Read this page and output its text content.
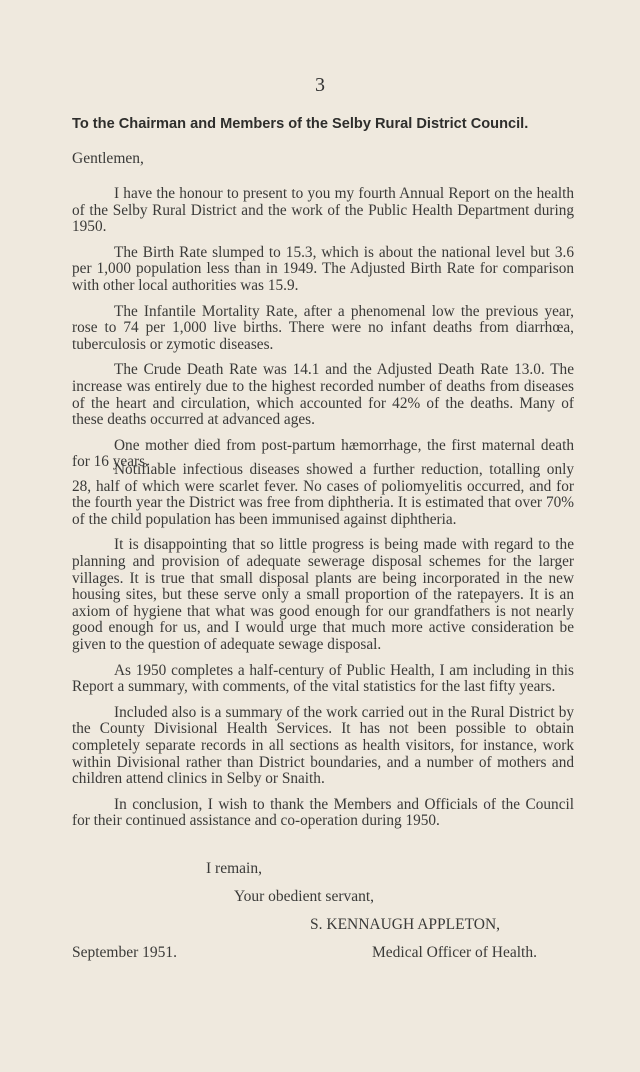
3
To the Chairman and Members of the Selby Rural District Council.
Gentlemen,

I have the honour to present to you my fourth Annual Report on the health of the Selby Rural District and the work of the Public Health Department during 1950.

The Birth Rate slumped to 15.3, which is about the national level but 3.6 per 1,000 population less than in 1949. The Adjusted Birth Rate for comparison with other local authorities was 15.9.

The Infantile Mortality Rate, after a phenomenal low the previous year, rose to 74 per 1,000 live births. There were no infant deaths from diarrhœa, tuberculosis or zymotic diseases.

The Crude Death Rate was 14.1 and the Adjusted Death Rate 13.0. The increase was entirely due to the highest recorded number of deaths from diseases of the heart and circulation, which accounted for 42% of the deaths. Many of these deaths occurred at advanced ages.

One mother died from post-partum hæmorrhage, the first maternal death for 16 years.

Notifiable infectious diseases showed a further reduction, totalling only 28, half of which were scarlet fever. No cases of poliomyelitis occurred, and for the fourth year the District was free from diphtheria. It is estimated that over 70% of the child population has been immunised against diphtheria.

It is disappointing that so little progress is being made with regard to the planning and provision of adequate sewerage disposal schemes for the larger villages. It is true that small disposal plants are being incorporated in the new housing sites, but these serve only a small proportion of the ratepayers. It is an axiom of hygiene that what was good enough for our grandfathers is not nearly good enough for us, and I would urge that much more active consideration be given to the question of adequate sewage disposal.

As 1950 completes a half-century of Public Health, I am including in this Report a summary, with comments, of the vital statistics for the last fifty years.

Included also is a summary of the work carried out in the Rural District by the County Divisional Health Services. It has not been possible to obtain completely separate records in all sections as health visitors, for instance, work within Divisional rather than District boundaries, and a number of mothers and children attend clinics in Selby or Snaith.

In conclusion, I wish to thank the Members and Officials of the Council for their continued assistance and co-operation during 1950.

I remain,
Your obedient servant,
S. KENNAUGH APPLETON,
September 1951.	Medical Officer of Health.
